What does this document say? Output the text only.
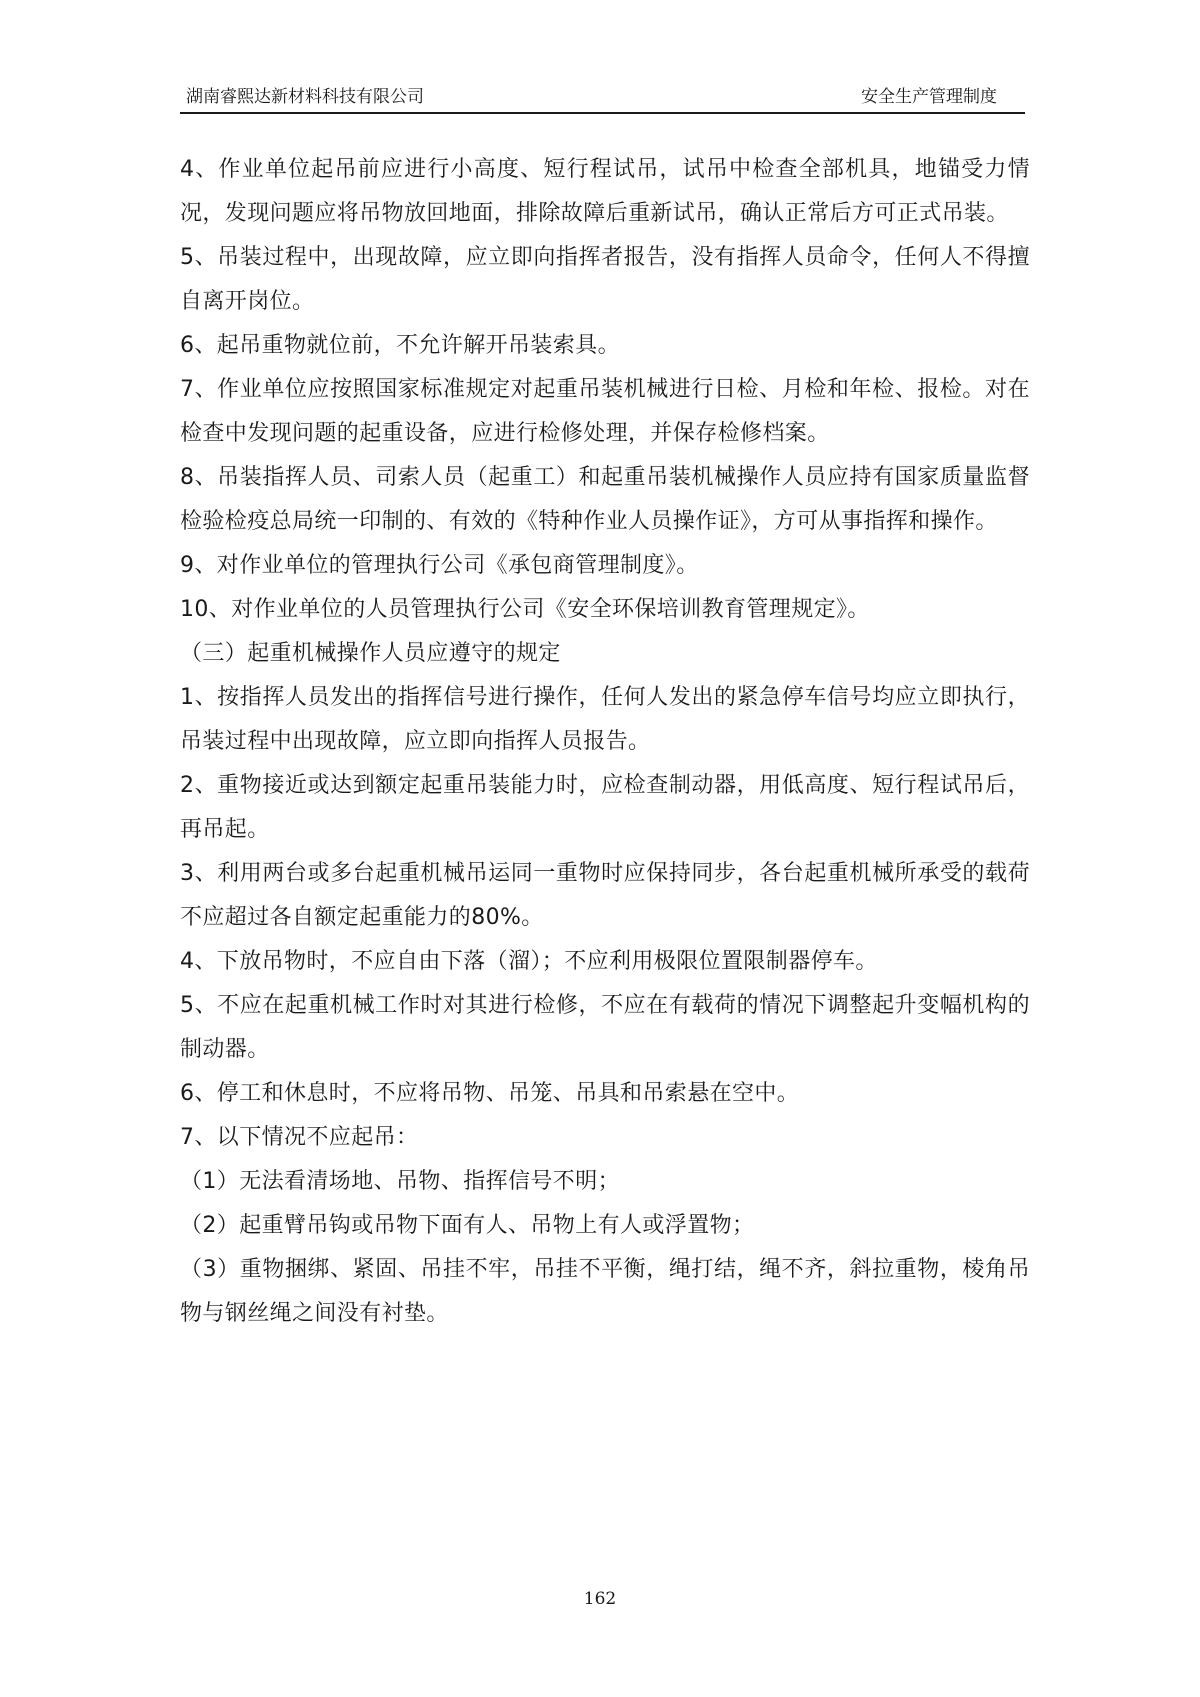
湖南睿熙达新材料科技有限公司	安全生产管理制度

4、作业单位起吊前应进行小高度、短行程试吊，试吊中检查全部机具，地锚受力情况，发现问题应将吊物放回地面，排除故障后重新试吊，确认正常后方可正式吊装。

5、吊装过程中，出现故障，应立即向指挥者报告，没有指挥人员命令，任何人不得擅自离开岗位。

6、起吊重物就位前，不允许解开吊装索具。

7、作业单位应按照国家标准规定对起重吊装机械进行日检、月检和年检、报检。对在检查中发现问题的起重设备，应进行检修处理，并保存检修档案。

8、吊装指挥人员、司索人员（起重工）和起重吊装机械操作人员应持有国家质量监督检验检疫总局统一印制的、有效的《特种作业人员操作证》，方可从事指挥和操作。

9、对作业单位的管理执行公司《承包商管理制度》。

10、对作业单位的人员管理执行公司《安全环保培训教育管理规定》。

（三）起重机械操作人员应遵守的规定

1、按指挥人员发出的指挥信号进行操作，任何人发出的紧急停车信号均应立即执行，吊装过程中出现故障，应立即向指挥人员报告。

2、重物接近或达到额定起重吊装能力时，应检查制动器，用低高度、短行程试吊后，再吊起。

3、利用两台或多台起重机械吊运同一重物时应保持同步，各台起重机械所承受的载荷不应超过各自额定起重能力的80%。

4、下放吊物时，不应自由下落（溜）；不应利用极限位置限制器停车。

5、不应在起重机械工作时对其进行检修，不应在有载荷的情况下调整起升变幅机构的制动器。

6、停工和休息时，不应将吊物、吊笼、吊具和吊索悬在空中。

7、以下情况不应起吊：

（1）无法看清场地、吊物、指挥信号不明；

（2）起重臂吊钩或吊物下面有人、吊物上有人或浮置物；

（3）重物捆绑、紧固、吊挂不牢，吊挂不平衡，绳打结，绳不齐，斜拉重物，棱角吊物与钢丝绳之间没有衬垫。

162
